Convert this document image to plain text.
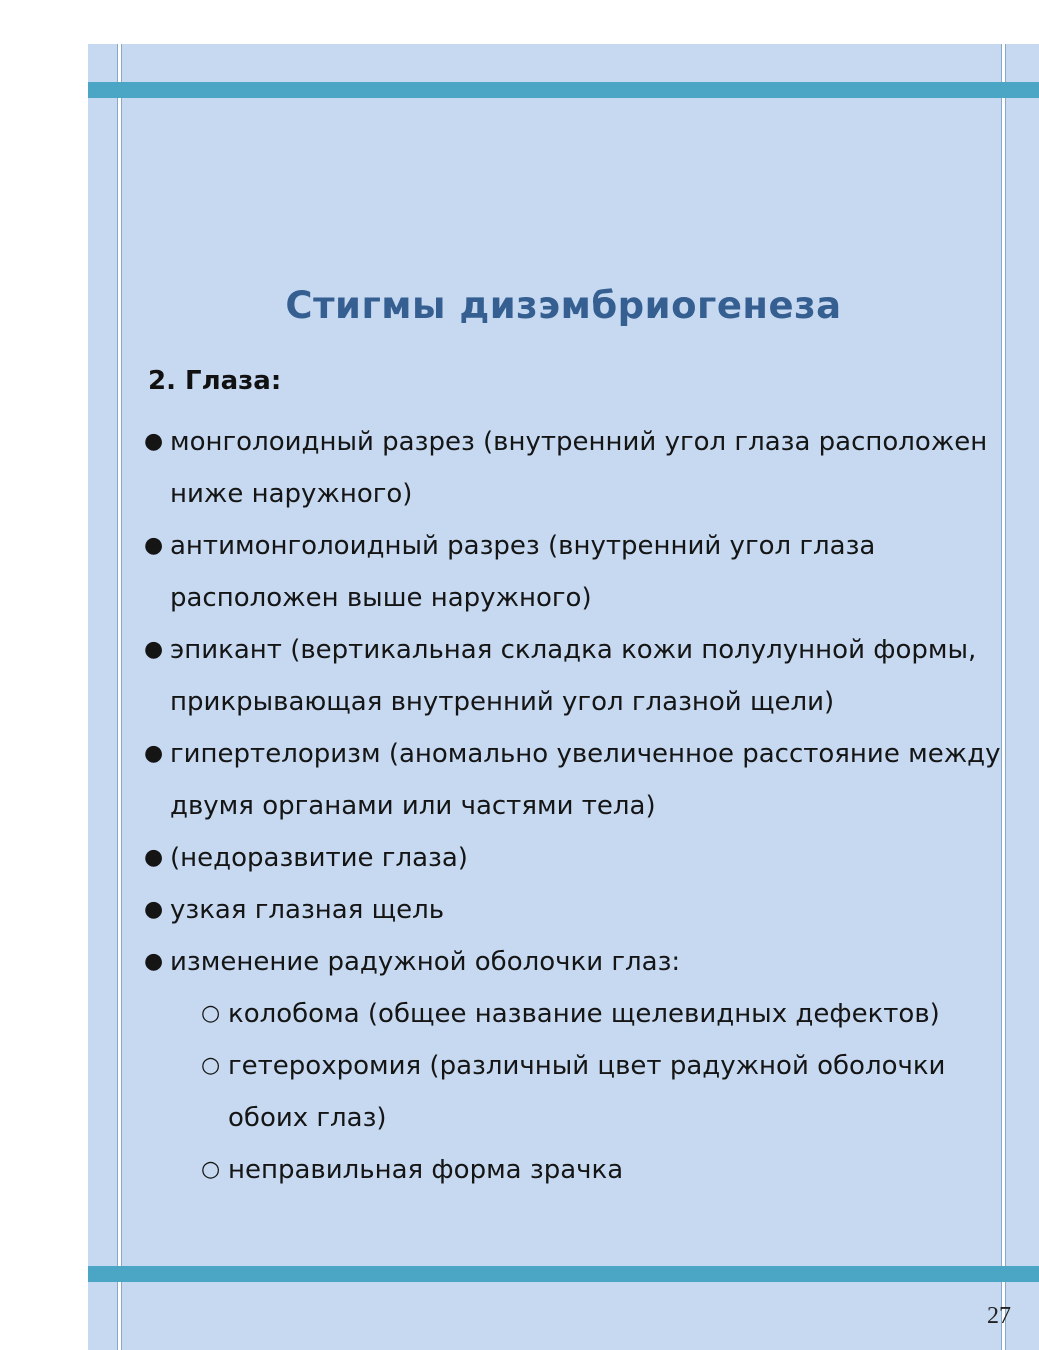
Стигмы дизэмбриогенеза
2. Глаза:
● монголоидный разрез (внутренний угол глаза расположен ниже наружного)
● антимонголоидный разрез (внутренний угол глаза расположен выше наружного)
● эпикант (вертикальная складка кожи полулунной формы, прикрывающая внутренний угол глазной щели)
● гипертелоризм (аномально увеличенное расстояние между двумя органами или частями тела)
● (недоразвитие глаза)
● узкая глазная щель
● изменение радужной оболочки глаз:
○ колобома (общее название щелевидных дефектов)
○ гетерохромия (различный цвет радужной оболочки обоих глаз)
○ неправильная форма зрачка
27
